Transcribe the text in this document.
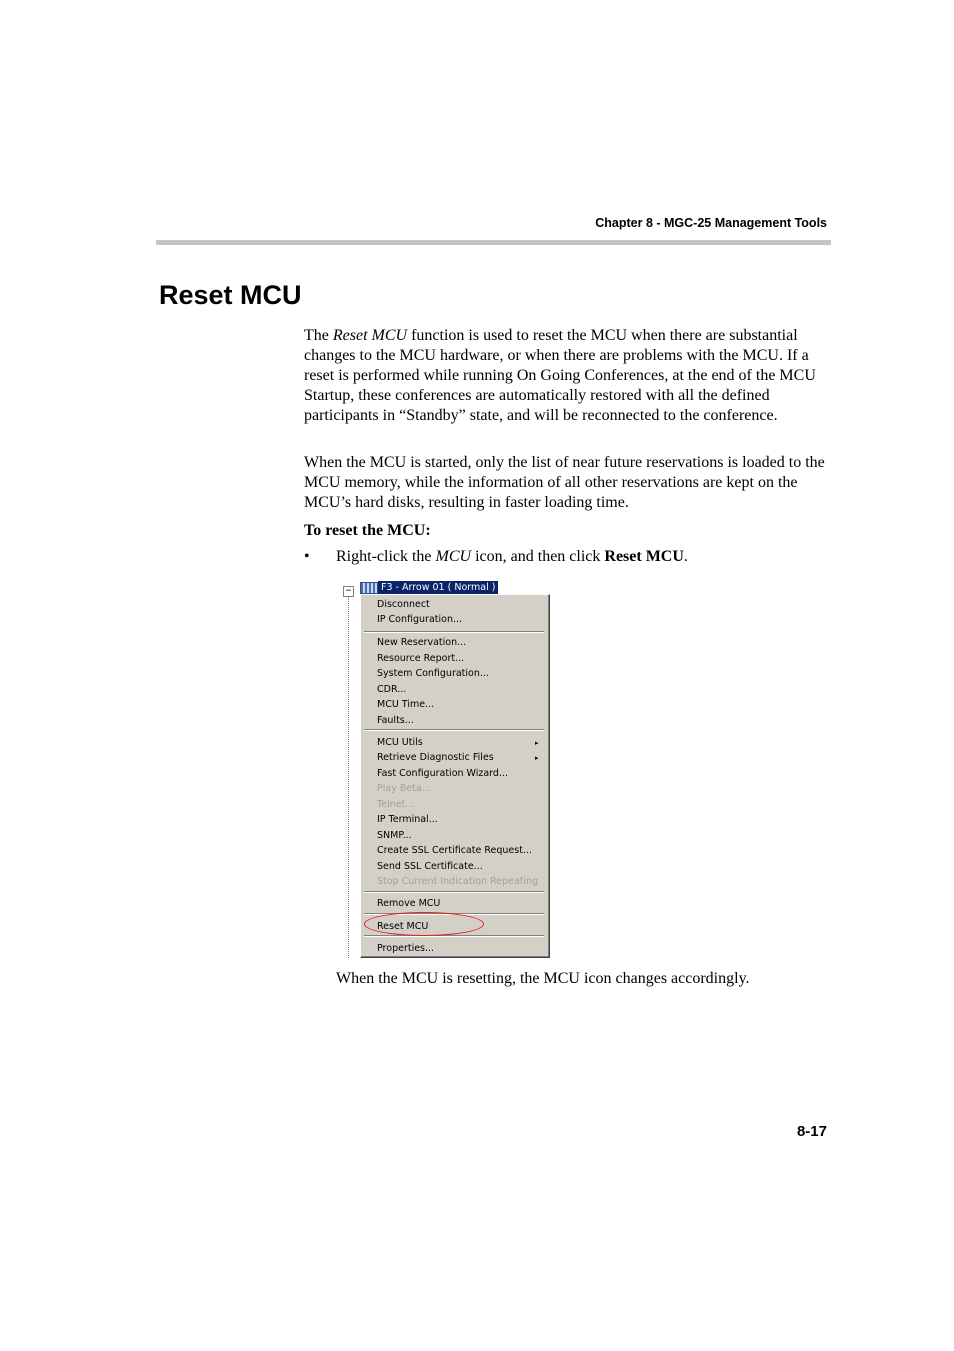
Chapter 8 - MGC-25 Management Tools
Reset MCU

The Reset MCU function is used to reset the MCU when there are substantial changes to the MCU hardware, or when there are problems with the MCU. If a reset is performed while running On Going Conferences, at the end of the MCU Startup, these conferences are automatically restored with all the defined participants in “Standby” state, and will be reconnected to the conference.

When the MCU is started, only the list of near future reservations is loaded to the MCU memory, while the information of all other reservations are kept on the MCU’s hard disks, resulting in faster loading time.

To reset the MCU:

• Right-click the MCU icon, and then click Reset MCU.
−	F3 - Arrow 01 ( Normal )
Disconnect
IP Configuration...
New Reservation...
Resource Report...
System Configuration...
CDR...
MCU Time...
Faults...
MCU Utils	▸
Retrieve Diagnostic Files	▸
Fast Configuration Wizard...
Play Beta...
Telnet...
IP Terminal...
SNMP...
Create SSL Certificate Request...
Send SSL Certificate...
Stop Current Indication Repeating
Remove MCU
Reset MCU
Properties...
When the MCU is resetting, the MCU icon changes accordingly.
8-17
